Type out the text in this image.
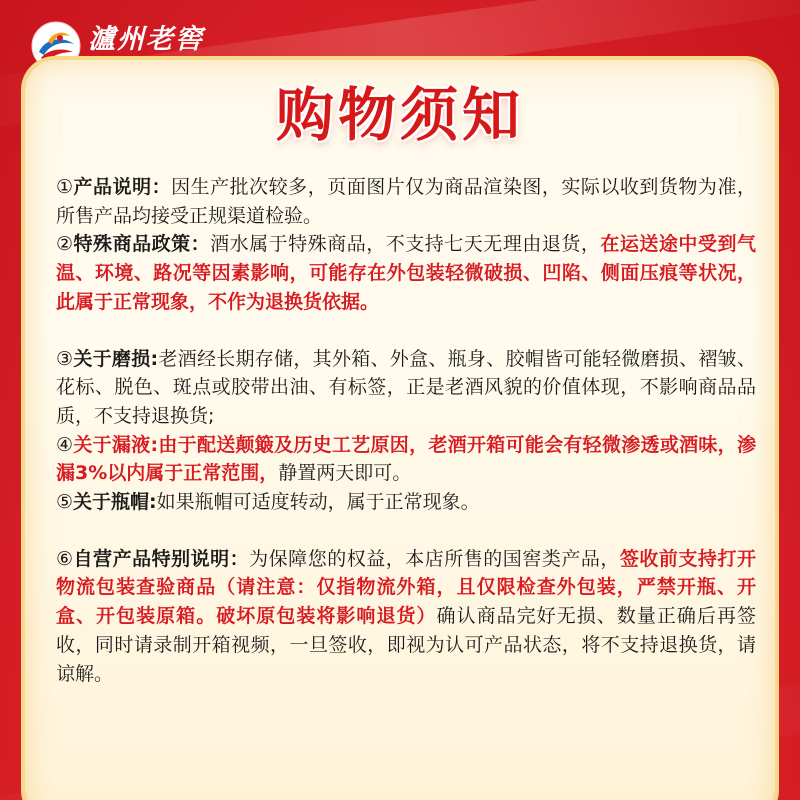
瀘州老窖
购物须知

①产品说明：因生产批次较多，页面图片仅为商品渲染图，实际以收到货物为准，所售产品均接受正规渠道检验。

②特殊商品政策：酒水属于特殊商品，不支持七天无理由退货，在运送途中受到气温、环境、路况等因素影响，可能存在外包装轻微破损、凹陷、侧面压痕等状况，此属于正常现象，不作为退换货依据。

③关于磨损:老酒经长期存储，其外箱、外盒、瓶身、胶帽皆可能轻微磨损、褶皱、花标、脱色、斑点或胶带出油、有标签，正是老酒风貌的价值体现，不影响商品品质，不支持退换货;

④关于漏液:由于配送颠簸及历史工艺原因，老酒开箱可能会有轻微渗透或酒味，渗漏3%以内属于正常范围，静置两天即可。

⑤关于瓶帽:如果瓶帽可适度转动，属于正常现象。

⑥自营产品特别说明：为保障您的权益，本店所售的国窖类产品，签收前支持打开物流包装查验商品（请注意：仅指物流外箱，且仅限检查外包装，严禁开瓶、开盒、开包装原箱。破坏原包装将影响退货）确认商品完好无损、数量正确后再签收，同时请录制开箱视频，一旦签收，即视为认可产品状态，将不支持退换货，请谅解。
